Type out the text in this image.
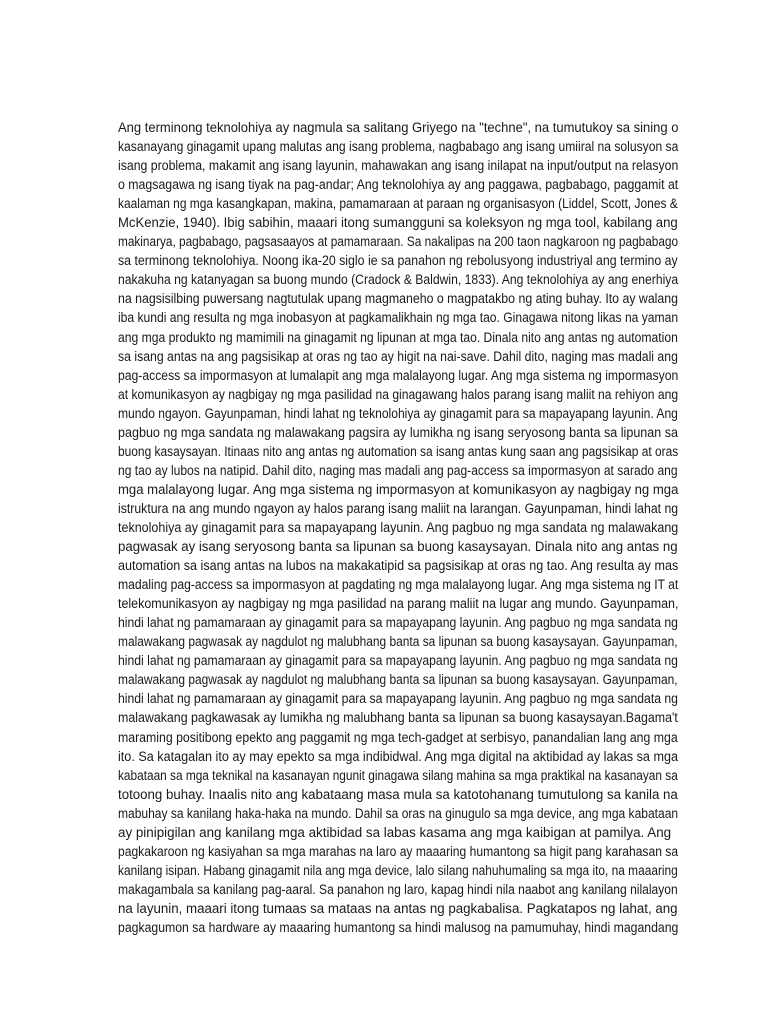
Ang terminong teknolohiya ay nagmula sa salitang Griyego na "techne", na tumutukoy sa sining o
kasanayang ginagamit upang malutas ang isang problema, nagbabago ang isang umiiral na solusyon sa
isang problema, makamit ang isang layunin, mahawakan ang isang inilapat na input/output na relasyon
o magsagawa ng isang tiyak na pag-andar; Ang teknolohiya ay ang paggawa, pagbabago, paggamit at
kaalaman ng mga kasangkapan, makina, pamamaraan at paraan ng organisasyon (Liddel, Scott, Jones &
McKenzie, 1940). Ibig sabihin, maaari itong sumangguni sa koleksyon ng mga tool, kabilang ang
makinarya, pagbabago, pagsasaayos at pamamaraan. Sa nakalipas na 200 taon nagkaroon ng pagbabago
sa terminong teknolohiya. Noong ika-20 siglo ie sa panahon ng rebolusyong industriyal ang termino ay
nakakuha ng katanyagan sa buong mundo (Cradock & Baldwin, 1833). Ang teknolohiya ay ang enerhiya
na nagsisilbing puwersang nagtutulak upang magmaneho o magpatakbo ng ating buhay. Ito ay walang
iba kundi ang resulta ng mga inobasyon at pagkamalikhain ng mga tao. Ginagawa nitong likas na yaman
ang mga produkto ng mamimili na ginagamit ng lipunan at mga tao. Dinala nito ang antas ng automation
sa isang antas na ang pagsisikap at oras ng tao ay higit na nai-save. Dahil dito, naging mas madali ang
pag-access sa impormasyon at lumalapit ang mga malalayong lugar. Ang mga sistema ng impormasyon
at komunikasyon ay nagbigay ng mga pasilidad na ginagawang halos parang isang maliit na rehiyon ang
mundo ngayon. Gayunpaman, hindi lahat ng teknolohiya ay ginagamit para sa mapayapang layunin. Ang
pagbuo ng mga sandata ng malawakang pagsira ay lumikha ng isang seryosong banta sa lipunan sa
buong kasaysayan. Itinaas nito ang antas ng automation sa isang antas kung saan ang pagsisikap at oras
ng tao ay lubos na natipid. Dahil dito, naging mas madali ang pag-access sa impormasyon at sarado ang
mga malalayong lugar. Ang mga sistema ng impormasyon at komunikasyon ay nagbigay ng mga
istruktura na ang mundo ngayon ay halos parang isang maliit na larangan. Gayunpaman, hindi lahat ng
teknolohiya ay ginagamit para sa mapayapang layunin. Ang pagbuo ng mga sandata ng malawakang
pagwasak ay isang seryosong banta sa lipunan sa buong kasaysayan. Dinala nito ang antas ng
automation sa isang antas na lubos na makakatipid sa pagsisikap at oras ng tao. Ang resulta ay mas
madaling pag-access sa impormasyon at pagdating ng mga malalayong lugar. Ang mga sistema ng IT at
telekomunikasyon ay nagbigay ng mga pasilidad na parang maliit na lugar ang mundo. Gayunpaman,
hindi lahat ng pamamaraan ay ginagamit para sa mapayapang layunin. Ang pagbuo ng mga sandata ng
malawakang pagwasak ay nagdulot ng malubhang banta sa lipunan sa buong kasaysayan. Gayunpaman,
hindi lahat ng pamamaraan ay ginagamit para sa mapayapang layunin. Ang pagbuo ng mga sandata ng
malawakang pagwasak ay nagdulot ng malubhang banta sa lipunan sa buong kasaysayan. Gayunpaman,
hindi lahat ng pamamaraan ay ginagamit para sa mapayapang layunin. Ang pagbuo ng mga sandata ng
malawakang pagkawasak ay lumikha ng malubhang banta sa lipunan sa buong kasaysayan.Bagama't
maraming positibong epekto ang paggamit ng mga tech-gadget at serbisyo, panandalian lang ang mga
ito. Sa katagalan ito ay may epekto sa mga indibidwal. Ang mga digital na aktibidad ay lakas sa mga
kabataan sa mga teknikal na kasanayan ngunit ginagawa silang mahina sa mga praktikal na kasanayan sa
totoong buhay. Inaalis nito ang kabataang masa mula sa katotohanang tumutulong sa kanila na
mabuhay sa kanilang haka-haka na mundo. Dahil sa oras na ginugulo sa mga device, ang mga kabataan
ay pinipigilan ang kanilang mga aktibidad sa labas kasama ang mga kaibigan at pamilya. Ang
pagkakaroon ng kasiyahan sa mga marahas na laro ay maaaring humantong sa higit pang karahasan sa
kanilang isipan. Habang ginagamit nila ang mga device, lalo silang nahuhumaling sa mga ito, na maaaring
makagambala sa kanilang pag-aaral. Sa panahon ng laro, kapag hindi nila naabot ang kanilang nilalayon
na layunin, maaari itong tumaas sa mataas na antas ng pagkabalisa. Pagkatapos ng lahat, ang
pagkagumon sa hardware ay maaaring humantong sa hindi malusog na pamumuhay, hindi magandang
